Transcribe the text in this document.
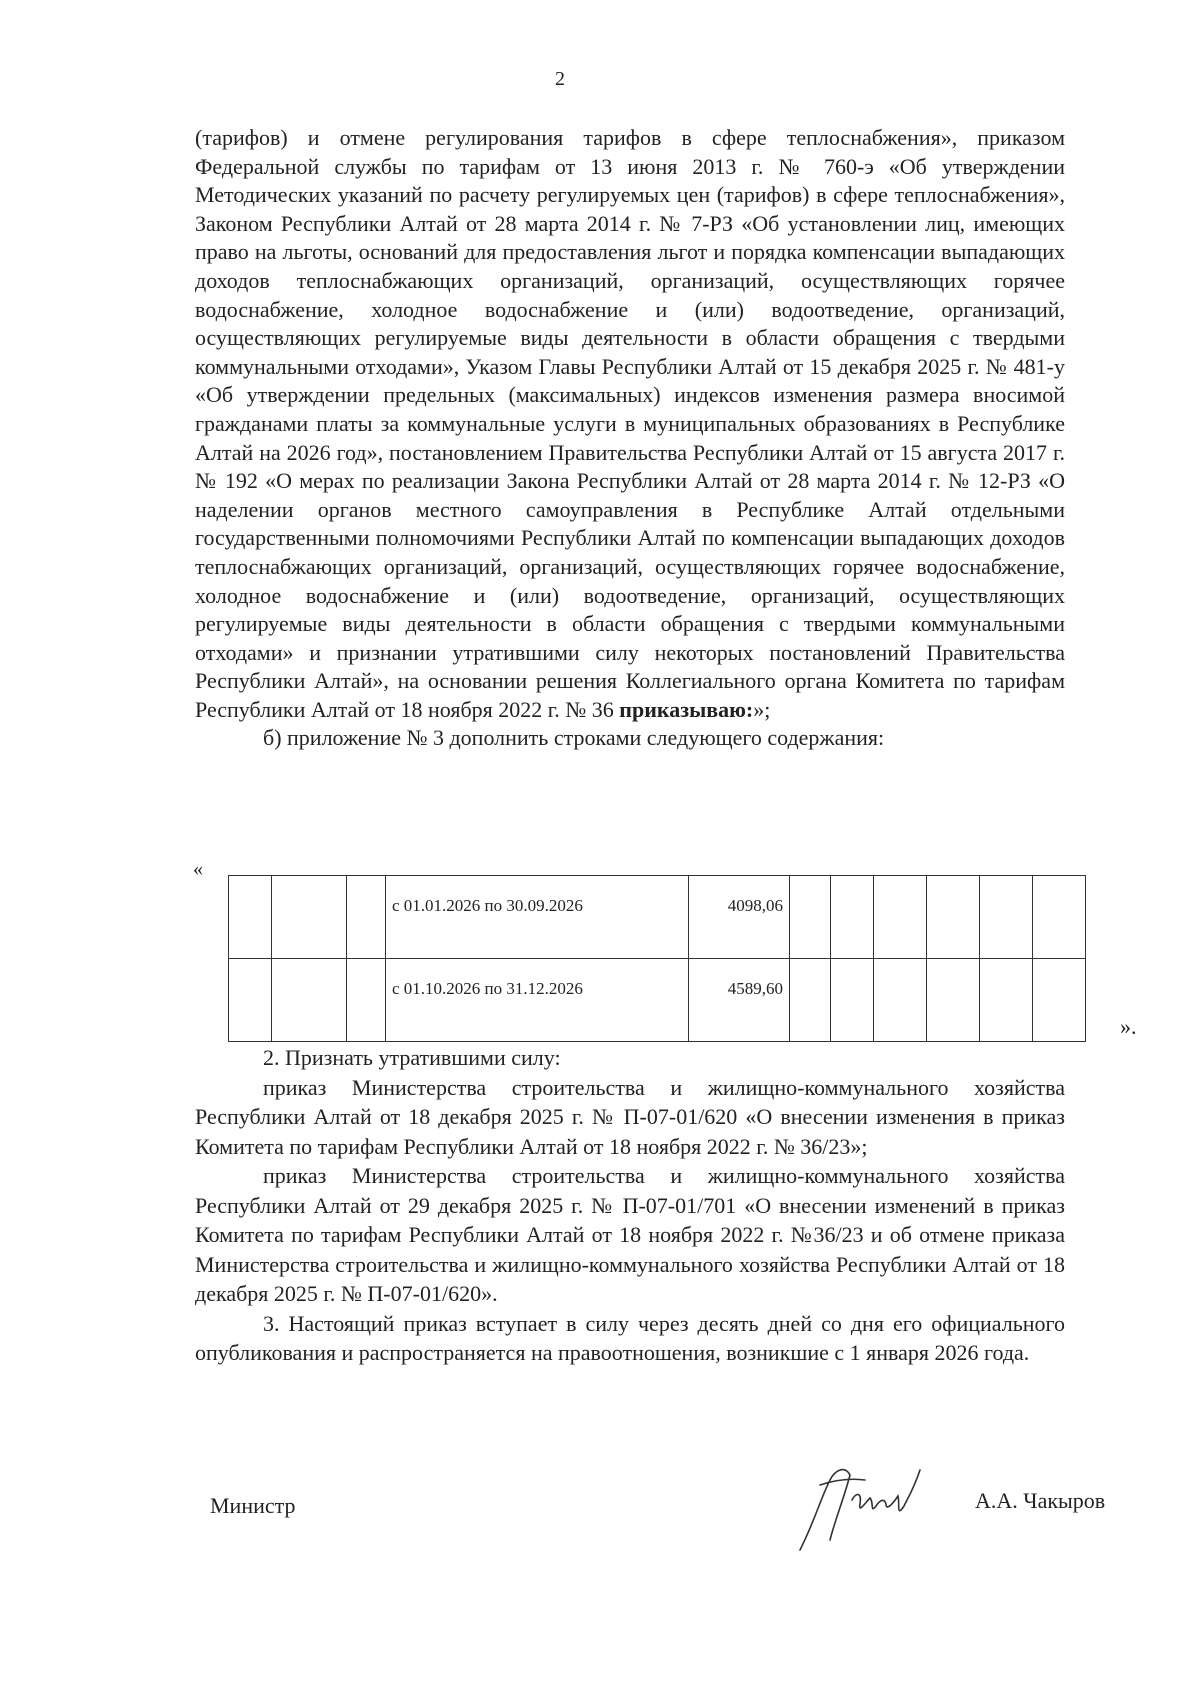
2

(тарифов) и отмене регулирования тарифов в сфере теплоснабжения», приказом Федеральной службы по тарифам от 13 июня 2013 г. № 760-э «Об утверждении Методических указаний по расчету регулируемых цен (тарифов) в сфере теплоснабжения», Законом Республики Алтай от 28 марта 2014 г. № 7-РЗ «Об установлении лиц, имеющих право на льготы, оснований для предоставления льгот и порядка компенсации выпадающих доходов теплоснабжающих организаций, организаций, осуществляющих горячее водоснабжение, холодное водоснабжение и (или) водоотведение, организаций, осуществляющих регулируемые виды деятельности в области обращения с твердыми коммунальными отходами», Указом Главы Республики Алтай от 15 декабря 2025 г. № 481-у «Об утверждении предельных (максимальных) индексов изменения размера вносимой гражданами платы за коммунальные услуги в муниципальных образованиях в Республике Алтай на 2026 год», постановлением Правительства Республики Алтай от 15 августа 2017 г. № 192 «О мерах по реализации Закона Республики Алтай от 28 марта 2014 г. № 12-РЗ «О наделении органов местного самоуправления в Республике Алтай отдельными государственными полномочиями Республики Алтай по компенсации выпадающих доходов теплоснабжающих организаций, организаций, осуществляющих горячее водоснабжение, холодное водоснабжение и (или) водоотведение, организаций, осуществляющих регулируемые виды деятельности в области обращения с твердыми коммунальными отходами» и признании утратившими силу некоторых постановлений Правительства Республики Алтай», на основании решения Коллегиального органа Комитета по тарифам Республики Алтай от 18 ноября 2022 г. № 36 приказываю:»;

б) приложение № 3 дополнить строками следующего содержания:

«
			с 01.01.2026 по 30.09.2026	4098,06						
			с 01.10.2026 по 31.12.2026	4589,60						
».

2. Признать утратившими силу:

приказ Министерства строительства и жилищно-коммунального хозяйства Республики Алтай от 18 декабря 2025 г. № П-07-01/620 «О внесении изменения в приказ Комитета по тарифам Республики Алтай от 18 ноября 2022 г. № 36/23»;

приказ Министерства строительства и жилищно-коммунального хозяйства Республики Алтай от 29 декабря 2025 г. № П-07-01/701 «О внесении изменений в приказ Комитета по тарифам Республики Алтай от 18 ноября 2022 г. №36/23 и об отмене приказа Министерства строительства и жилищно-коммунального хозяйства Республики Алтай от 18 декабря 2025 г. № П-07-01/620».

3. Настоящий приказ вступает в силу через десять дней со дня его официального опубликования и распространяется на правоотношения, возникшие с 1 января 2026 года.

Министр	А.А. Чакыров
